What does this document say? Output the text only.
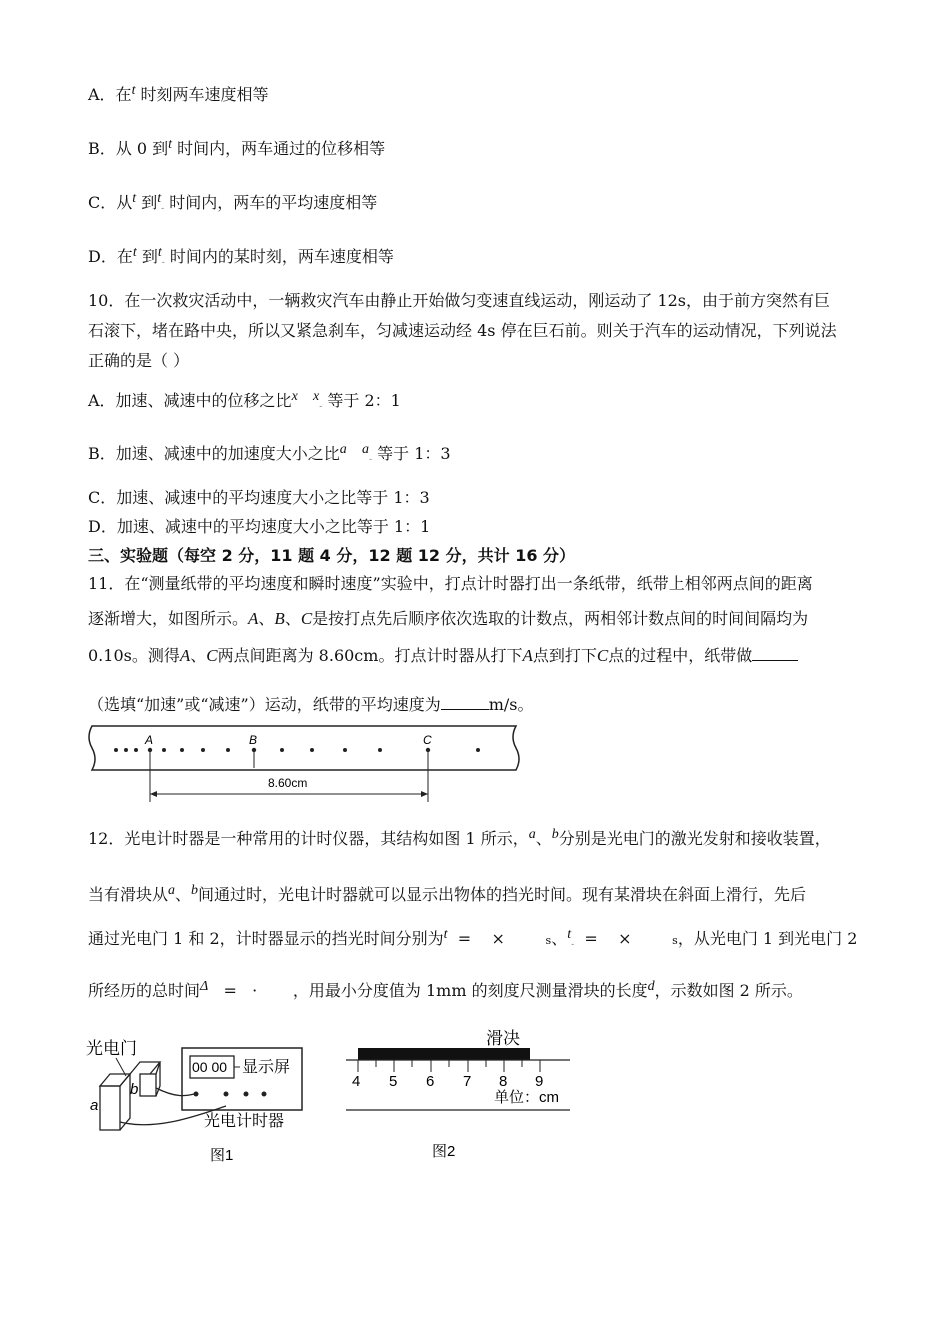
A．在t 时刻两车速度相等
B．从 0 到t 时间内，两车通过的位移相等
C．从t 到t- 时间内，两车的平均速度相等
D．在t 到t- 时间内的某时刻，两车速度相等
10．在一次救灾活动中，一辆救灾汽车由静止开始做匀变速直线运动，刚运动了 12s，由于前方突然有巨
石滚下，堵在路中央，所以又紧急刹车，匀减速运动经 4s 停在巨石前。则关于汽车的运动情况，下列说法
正确的是（ ）
A．加速、减速中的位移之比x x- 等于 2：1
B．加速、减速中的加速度大小之比a a- 等于 1：3
C．加速、减速中的平均速度大小之比等于 1：3
D．加速、减速中的平均速度大小之比等于 1：1
三、实验题（每空 2 分，11 题 4 分，12 题 12 分，共计 16 分）
11．在“测量纸带的平均速度和瞬时速度”实验中，打点计时器打出一条纸带，纸带上相邻两点间的距离
逐渐增大，如图所示。A、B、C是按打点先后顺序依次选取的计数点，两相邻计数点间的时间间隔均为
0.10s。测得A、C两点间距离为 8.60cm。打点计时器从打下A点到打下C点的过程中，纸带做
（选填“加速”或“减速”）运动，纸带的平均速度为	m/s。
A	B	C
8.60cm
12．光电计时器是一种常用的计时仪器，其结构如图 1 所示，a、b分别是光电门的激光发射和接收装置，
当有滑块从a、b间通过时，光电计时器就可以显示出物体的挡光时间。现有某滑块在斜面上滑行，先后
通过光电门 1 和 2，计时器显示的挡光时间分别为t = ×	s、t- = ×	s，从光电门 1 到光电门 2
所经历的总时间Δ = · ，用最小分度值为 1mm 的刻度尺测量滑块的长度d，示数如图 2 所示。
光电门
a
b
00 00 显示屏
光电计时器
图1
滑决
4 5 6 7 8 9
单位：cm
图2
